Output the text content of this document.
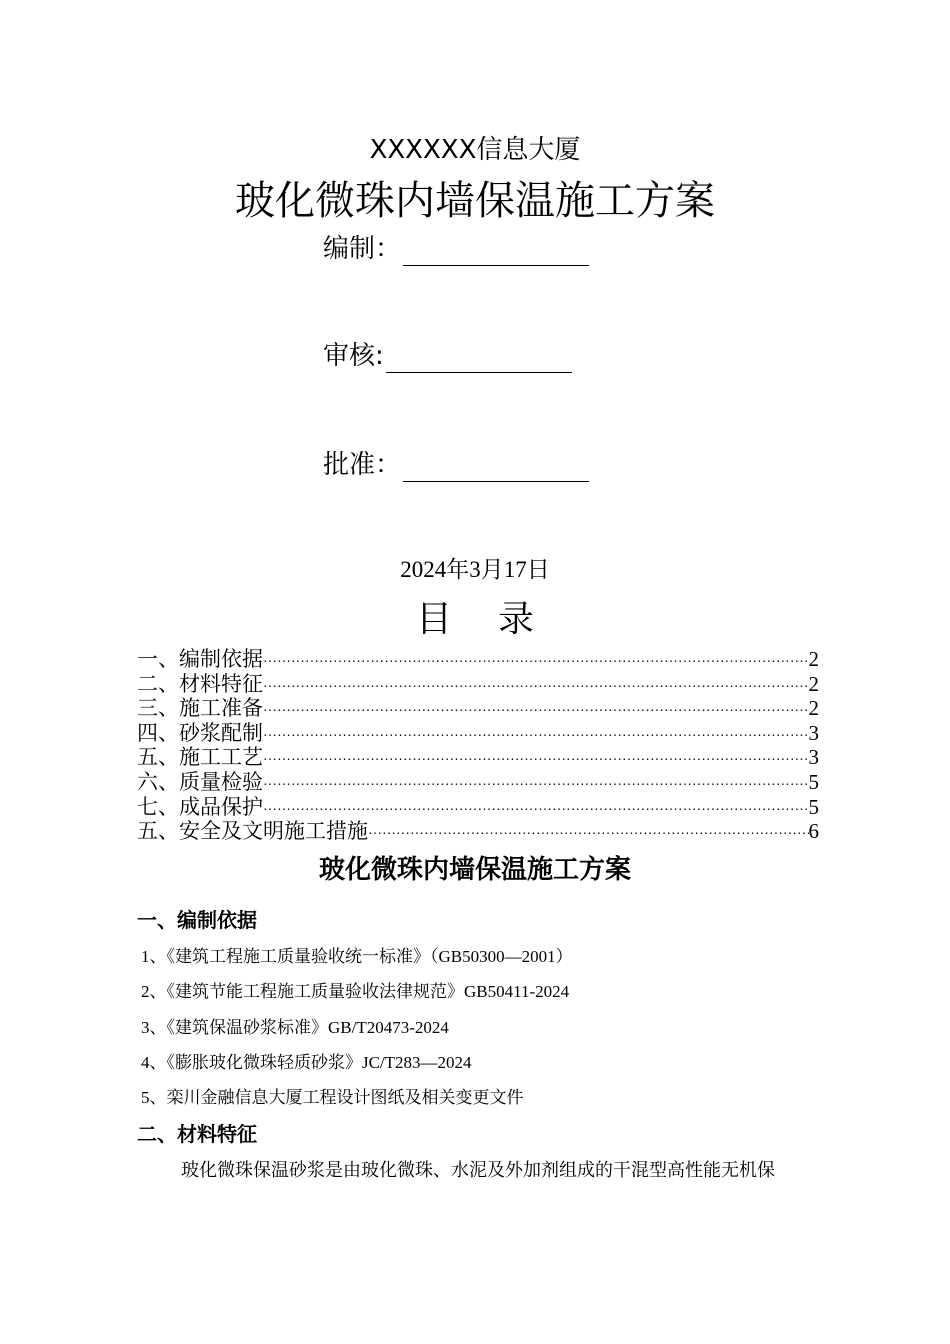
XXXXXX信息大厦
玻化微珠内墙保温施工方案
编制：
审核:
批准：
2024年3月17日
目 录
一、编制依据 ·····	2
二、材料特征 ·····	2
三、施工准备 ·····	2
四、砂浆配制 ·····	3
五、施工工艺 ·····	3
六、质量检验 ·····	5
七、成品保护 ·····	5
五、安全及文明施工措施 ·····	6
玻化微珠内墙保温施工方案
一、编制依据
1、《建筑工程施工质量验收统一标准》（GB50300—2001）
2、《建筑节能工程施工质量验收法律规范》GB50411-2024
3、《建筑保温砂浆标准》GB/T20473-2024
4、《膨胀玻化微珠轻质砂浆》JC/T283—2024
5、栾川金融信息大厦工程设计图纸及相关变更文件
二、材料特征
玻化微珠保温砂浆是由玻化微珠、水泥及外加剂组成的干混型高性能无机保
